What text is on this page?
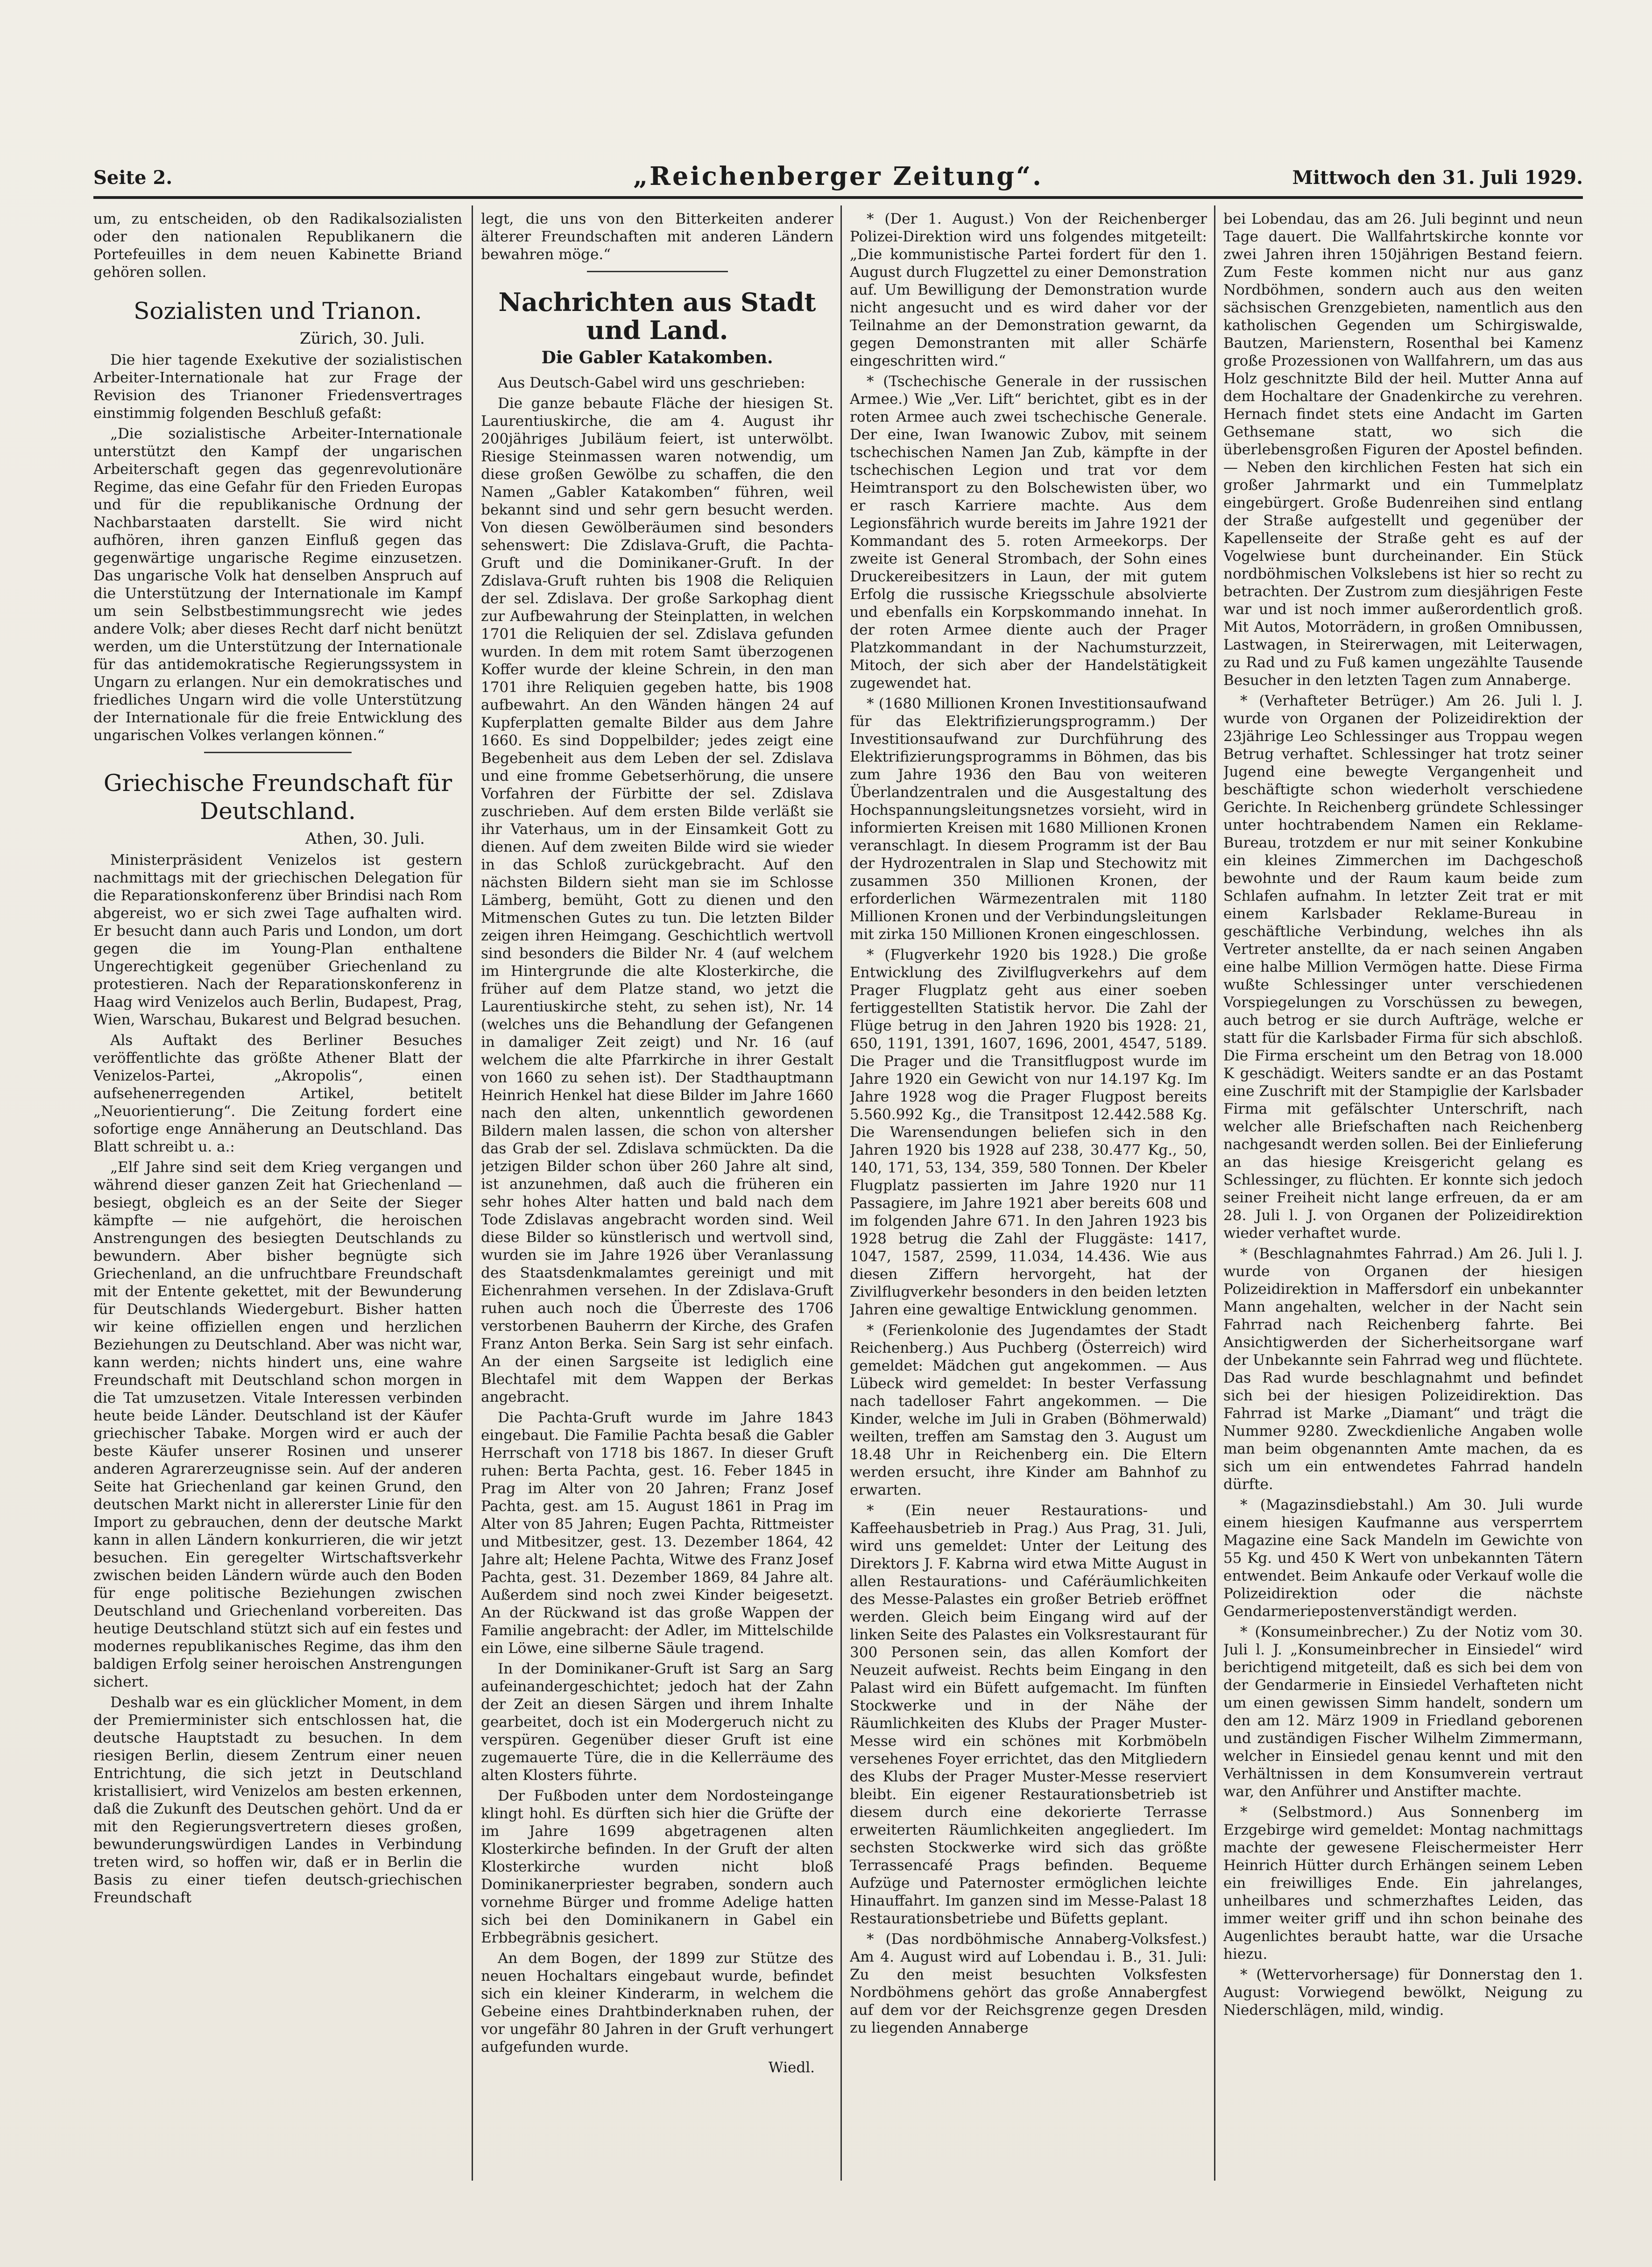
Seite 2.	„Reichenberger Zeitung“.	Mittwoch den 31. Juli 1929.

um, zu entscheiden, ob den Radikalsozialisten oder den nationalen Republikanern die Portefeuilles in dem neuen Kabinette Briand gehören sollen.

Sozialisten und Trianon.
Zürich, 30. Juli.

Die hier tagende Exekutive der sozialistischen Arbeiter-Internationale hat zur Frage der Revision des Trianoner Friedensvertrages einstimmig folgenden Beschluß gefaßt:

„Die sozialistische Arbeiter-Internationale unterstützt den Kampf der ungarischen Arbeiterschaft gegen das gegenrevolutionäre Regime, das eine Gefahr für den Frieden Europas und für die republikanische Ordnung der Nachbarstaaten darstellt. Sie wird nicht aufhören, ihren ganzen Einfluß gegen das gegenwärtige ungarische Regime einzusetzen. Das ungarische Volk hat denselben Anspruch auf die Unterstützung der Internationale im Kampf um sein Selbstbestimmungsrecht wie jedes andere Volk; aber dieses Recht darf nicht benützt werden, um die Unterstützung der Internationale für das antidemokratische Regierungssystem in Ungarn zu erlangen. Nur ein demokratisches und friedliches Ungarn wird die volle Unterstützung der Internationale für die freie Entwicklung des ungarischen Volkes verlangen können.“

Griechische Freundschaft für Deutschland.
Athen, 30. Juli.

Ministerpräsident Venizelos ist gestern nachmittags mit der griechischen Delegation für die Reparationskonferenz über Brindisi nach Rom abgereist, wo er sich zwei Tage aufhalten wird. Er besucht dann auch Paris und London, um dort gegen die im Young-Plan enthaltene Ungerechtigkeit gegenüber Griechenland zu protestieren. Nach der Reparationskonferenz in Haag wird Venizelos auch Berlin, Budapest, Prag, Wien, Warschau, Bukarest und Belgrad besuchen.

Als Auftakt des Berliner Besuches veröffentlichte das größte Athener Blatt der Venizelos-Partei, „Akropolis“, einen aufsehenerregenden Artikel, betitelt „Neuorientierung“. Die Zeitung fordert eine sofortige enge Annäherung an Deutschland. Das Blatt schreibt u. a.:

„Elf Jahre sind seit dem Krieg vergangen und während dieser ganzen Zeit hat Griechenland — besiegt, obgleich es an der Seite der Sieger kämpfte — nie aufgehört, die heroischen Anstrengungen des besiegten Deutschlands zu bewundern. Aber bisher begnügte sich Griechenland, an die unfruchtbare Freundschaft mit der Entente gekettet, mit der Bewunderung für Deutschlands Wiedergeburt. Bisher hatten wir keine offiziellen engen und herzlichen Beziehungen zu Deutschland. Aber was nicht war, kann werden; nichts hindert uns, eine wahre Freundschaft mit Deutschland schon morgen in die Tat umzusetzen. Vitale Interessen verbinden heute beide Länder. Deutschland ist der Käufer griechischer Tabake. Morgen wird er auch der beste Käufer unserer Rosinen und unserer anderen Agrarerzeugnisse sein. Auf der anderen Seite hat Griechenland gar keinen Grund, den deutschen Markt nicht in allererster Linie für den Import zu gebrauchen, denn der deutsche Markt kann in allen Ländern konkurrieren, die wir jetzt besuchen. Ein geregelter Wirtschaftsverkehr zwischen beiden Ländern würde auch den Boden für enge politische Beziehungen zwischen Deutschland und Griechenland vorbereiten. Das heutige Deutschland stützt sich auf ein festes und modernes republikanisches Regime, das ihm den baldigen Erfolg seiner heroischen Anstrengungen sichert.

Deshalb war es ein glücklicher Moment, in dem der Premierminister sich entschlossen hat, die deutsche Hauptstadt zu besuchen. In dem riesigen Berlin, diesem Zentrum einer neuen Entrichtung, die sich jetzt in Deutschland kristallisiert, wird Venizelos am besten erkennen, daß die Zukunft des Deutschen gehört. Und da er mit den Regierungsvertretern dieses großen, bewunderungswürdigen Landes in Verbindung treten wird, so hoffen wir, daß er in Berlin die Basis zu einer tiefen deutsch-griechischen Freundschaft

legt, die uns von den Bitterkeiten anderer älterer Freundschaften mit anderen Ländern bewahren möge.“

Nachrichten aus Stadt und Land.
Die Gabler Katakomben.

Aus Deutsch-Gabel wird uns geschrieben:

Die ganze bebaute Fläche der hiesigen St. Laurentiuskirche, die am 4. August ihr 200jähriges Jubiläum feiert, ist unterwölbt. Riesige Steinmassen waren notwendig, um diese großen Gewölbe zu schaffen, die den Namen „Gabler Katakomben“ führen, weil bekannt sind und sehr gern besucht werden. Von diesen Gewölberäumen sind besonders sehenswert: Die Zdislava-Gruft, die Pachta-Gruft und die Dominikaner-Gruft. In der Zdislava-Gruft ruhten bis 1908 die Reliquien der sel. Zdislava. Der große Sarkophag dient zur Aufbewahrung der Steinplatten, in welchen 1701 die Reliquien der sel. Zdislava gefunden wurden. In dem mit rotem Samt überzogenen Koffer wurde der kleine Schrein, in den man 1701 ihre Reliquien gegeben hatte, bis 1908 aufbewahrt. An den Wänden hängen 24 auf Kupferplatten gemalte Bilder aus dem Jahre 1660. Es sind Doppelbilder; jedes zeigt eine Begebenheit aus dem Leben der sel. Zdislava und eine fromme Gebetserhörung, die unsere Vorfahren der Fürbitte der sel. Zdislava zuschrieben. Auf dem ersten Bilde verläßt sie ihr Vaterhaus, um in der Einsamkeit Gott zu dienen. Auf dem zweiten Bilde wird sie wieder in das Schloß zurückgebracht. Auf den nächsten Bildern sieht man sie im Schlosse Lämberg, bemüht, Gott zu dienen und den Mitmenschen Gutes zu tun. Die letzten Bilder zeigen ihren Heimgang. Geschichtlich wertvoll sind besonders die Bilder Nr. 4 (auf welchem im Hintergrunde die alte Klosterkirche, die früher auf dem Platze stand, wo jetzt die Laurentiuskirche steht, zu sehen ist), Nr. 14 (welches uns die Behandlung der Gefangenen in damaliger Zeit zeigt) und Nr. 16 (auf welchem die alte Pfarrkirche in ihrer Gestalt von 1660 zu sehen ist). Der Stadthauptmann Heinrich Henkel hat diese Bilder im Jahre 1660 nach den alten, unkenntlich gewordenen Bildern malen lassen, die schon von altersher das Grab der sel. Zdislava schmückten. Da die jetzigen Bilder schon über 260 Jahre alt sind, ist anzunehmen, daß auch die früheren ein sehr hohes Alter hatten und bald nach dem Tode Zdislavas angebracht worden sind. Weil diese Bilder so künstlerisch und wertvoll sind, wurden sie im Jahre 1926 über Veranlassung des Staatsdenkmalamtes gereinigt und mit Eichenrahmen versehen. In der Zdislava-Gruft ruhen auch noch die Überreste des 1706 verstorbenen Bauherrn der Kirche, des Grafen Franz Anton Berka. Sein Sarg ist sehr einfach. An der einen Sargseite ist lediglich eine Blechtafel mit dem Wappen der Berkas angebracht.

Die Pachta-Gruft wurde im Jahre 1843 eingebaut. Die Familie Pachta besaß die Gabler Herrschaft von 1718 bis 1867. In dieser Gruft ruhen: Berta Pachta, gest. 16. Feber 1845 in Prag im Alter von 20 Jahren; Franz Josef Pachta, gest. am 15. August 1861 in Prag im Alter von 85 Jahren; Eugen Pachta, Rittmeister und Mitbesitzer, gest. 13. Dezember 1864, 42 Jahre alt; Helene Pachta, Witwe des Franz Josef Pachta, gest. 31. Dezember 1869, 84 Jahre alt. Außerdem sind noch zwei Kinder beigesetzt. An der Rückwand ist das große Wappen der Familie angebracht: der Adler, im Mittelschilde ein Löwe, eine silberne Säule tragend.

In der Dominikaner-Gruft ist Sarg an Sarg aufeinandergeschichtet; jedoch hat der Zahn der Zeit an diesen Särgen und ihrem Inhalte gearbeitet, doch ist ein Modergeruch nicht zu verspüren. Gegenüber dieser Gruft ist eine zugemauerte Türe, die in die Kellerräume des alten Klosters führte.

Der Fußboden unter dem Nordosteingange klingt hohl. Es dürften sich hier die Grüfte der im Jahre 1699 abgetragenen alten Klosterkirche befinden. In der Gruft der alten Klosterkirche wurden nicht bloß Dominikanerpriester begraben, sondern auch vornehme Bürger und fromme Adelige hatten sich bei den Dominikanern in Gabel ein Erbbegräbnis gesichert.

An dem Bogen, der 1899 zur Stütze des neuen Hochaltars eingebaut wurde, befindet sich ein kleiner Kinderarm, in welchem die Gebeine eines Drahtbinderknaben ruhen, der vor ungefähr 80 Jahren in der Gruft verhungert aufgefunden wurde.

Wiedl.

* (Der 1. August.) Von der Reichenberger Polizei-Direktion wird uns folgendes mitgeteilt: „Die kommunistische Partei fordert für den 1. August durch Flugzettel zu einer Demonstration auf. Um Bewilligung der Demonstration wurde nicht angesucht und es wird daher vor der Teilnahme an der Demonstration gewarnt, da gegen Demonstranten mit aller Schärfe eingeschritten wird.“

* (Tschechische Generale in der russischen Armee.) Wie „Ver. Lift“ berichtet, gibt es in der roten Armee auch zwei tschechische Generale. Der eine, Iwan Iwanowic Zubov, mit seinem tschechischen Namen Jan Zub, kämpfte in der tschechischen Legion und trat vor dem Heimtransport zu den Bolschewisten über, wo er rasch Karriere machte. Aus dem Legionsfährich wurde bereits im Jahre 1921 der Kommandant des 5. roten Armeekorps. Der zweite ist General Strombach, der Sohn eines Druckereibesitzers in Laun, der mit gutem Erfolg die russische Kriegsschule absolvierte und ebenfalls ein Korpskommando innehat. In der roten Armee diente auch der Prager Platzkommandant in der Nachumsturzzeit, Mitoch, der sich aber der Handelstätigkeit zugewendet hat.

* (1680 Millionen Kronen Investitionsaufwand für das Elektrifizierungsprogramm.) Der Investitionsaufwand zur Durchführung des Elektrifizierungsprogramms in Böhmen, das bis zum Jahre 1936 den Bau von weiteren Überlandzentralen und die Ausgestaltung des Hochspannungsleitungsnetzes vorsieht, wird in informierten Kreisen mit 1680 Millionen Kronen veranschlagt. In diesem Programm ist der Bau der Hydrozentralen in Slap und Stechowitz mit zusammen 350 Millionen Kronen, der erforderlichen Wärmezentralen mit 1180 Millionen Kronen und der Verbindungsleitungen mit zirka 150 Millionen Kronen eingeschlossen.

* (Flugverkehr 1920 bis 1928.) Die große Entwicklung des Zivilflugverkehrs auf dem Prager Flugplatz geht aus einer soeben fertiggestellten Statistik hervor. Die Zahl der Flüge betrug in den Jahren 1920 bis 1928: 21, 650, 1191, 1391, 1607, 1696, 2001, 4547, 5189. Die Prager und die Transitflugpost wurde im Jahre 1920 ein Gewicht von nur 14.197 Kg. Im Jahre 1928 wog die Prager Flugpost bereits 5.560.992 Kg., die Transitpost 12.442.588 Kg. Die Warensendungen beliefen sich in den Jahren 1920 bis 1928 auf 238, 30.477 Kg., 50, 140, 171, 53, 134, 359, 580 Tonnen. Der Kbeler Flugplatz passierten im Jahre 1920 nur 11 Passagiere, im Jahre 1921 aber bereits 608 und im folgenden Jahre 671. In den Jahren 1923 bis 1928 betrug die Zahl der Fluggäste: 1417, 1047, 1587, 2599, 11.034, 14.436. Wie aus diesen Ziffern hervorgeht, hat der Zivilflugverkehr besonders in den beiden letzten Jahren eine gewaltige Entwicklung genommen.

* (Ferienkolonie des Jugendamtes der Stadt Reichenberg.) Aus Puchberg (Österreich) wird gemeldet: Mädchen gut angekommen. — Aus Lübeck wird gemeldet: In bester Verfassung nach tadelloser Fahrt angekommen. — Die Kinder, welche im Juli in Graben (Böhmerwald) weilten, treffen am Samstag den 3. August um 18.48 Uhr in Reichenberg ein. Die Eltern werden ersucht, ihre Kinder am Bahnhof zu erwarten.

* (Ein neuer Restaurations- und Kaffeehausbetrieb in Prag.) Aus Prag, 31. Juli, wird uns gemeldet: Unter der Leitung des Direktors J. F. Kabrna wird etwa Mitte August in allen Restaurations- und Caféräumlichkeiten des Messe-Palastes ein großer Betrieb eröffnet werden. Gleich beim Eingang wird auf der linken Seite des Palastes ein Volksrestaurant für 300 Personen sein, das allen Komfort der Neuzeit aufweist. Rechts beim Eingang in den Palast wird ein Büfett aufgemacht. Im fünften Stockwerke und in der Nähe der Räumlichkeiten des Klubs der Prager Muster-Messe wird ein schönes mit Korbmöbeln versehenes Foyer errichtet, das den Mitgliedern des Klubs der Prager Muster-Messe reserviert bleibt. Ein eigener Restaurationsbetrieb ist diesem durch eine dekorierte Terrasse erweiterten Räumlichkeiten angegliedert. Im sechsten Stockwerke wird sich das größte Terrassencafé Prags befinden. Bequeme Aufzüge und Paternoster ermöglichen leichte Hinauffahrt. Im ganzen sind im Messe-Palast 18 Restaurationsbetriebe und Büfetts geplant.

* (Das nordböhmische Annaberg-Volksfest.) Am 4. August wird auf Lobendau i. B., 31. Juli: Zu den meist besuchten Volksfesten Nordböhmens gehört das große Annabergfest auf dem vor der Reichsgrenze gegen Dresden zu liegenden Annaberge

bei Lobendau, das am 26. Juli beginnt und neun Tage dauert. Die Wallfahrtskirche konnte vor zwei Jahren ihren 150jährigen Bestand feiern. Zum Feste kommen nicht nur aus ganz Nordböhmen, sondern auch aus den weiten sächsischen Grenzgebieten, namentlich aus den katholischen Gegenden um Schirgiswalde, Bautzen, Marienstern, Rosenthal bei Kamenz große Prozessionen von Wallfahrern, um das aus Holz geschnitzte Bild der heil. Mutter Anna auf dem Hochaltare der Gnadenkirche zu verehren. Hernach findet stets eine Andacht im Garten Gethsemane statt, wo sich die überlebensgroßen Figuren der Apostel befinden. — Neben den kirchlichen Festen hat sich ein großer Jahrmarkt und ein Tummelplatz eingebürgert. Große Budenreihen sind entlang der Straße aufgestellt und gegenüber der Kapellenseite der Straße geht es auf der Vogelwiese bunt durcheinander. Ein Stück nordböhmischen Volkslebens ist hier so recht zu betrachten. Der Zustrom zum diesjährigen Feste war und ist noch immer außerordentlich groß. Mit Autos, Motorrädern, in großen Omnibussen, Lastwagen, in Steirerwagen, mit Leiterwagen, zu Rad und zu Fuß kamen ungezählte Tausende Besucher in den letzten Tagen zum Annaberge.

* (Verhafteter Betrüger.) Am 26. Juli l. J. wurde von Organen der Polizeidirektion der 23jährige Leo Schlessinger aus Troppau wegen Betrug verhaftet. Schlessinger hat trotz seiner Jugend eine bewegte Vergangenheit und beschäftigte schon wiederholt verschiedene Gerichte. In Reichenberg gründete Schlessinger unter hochtrabendem Namen ein Reklame-Bureau, trotzdem er nur mit seiner Konkubine ein kleines Zimmerchen im Dachgeschoß bewohnte und der Raum kaum beide zum Schlafen aufnahm. In letzter Zeit trat er mit einem Karlsbader Reklame-Bureau in geschäftliche Verbindung, welches ihn als Vertreter anstellte, da er nach seinen Angaben eine halbe Million Vermögen hatte. Diese Firma wußte Schlessinger unter verschiedenen Vorspiegelungen zu Vorschüssen zu bewegen, auch betrog er sie durch Aufträge, welche er statt für die Karlsbader Firma für sich abschloß. Die Firma erscheint um den Betrag von 18.000 K geschädigt. Weiters sandte er an das Postamt eine Zuschrift mit der Stampiglie der Karlsbader Firma mit gefälschter Unterschrift, nach welcher alle Briefschaften nach Reichenberg nachgesandt werden sollen. Bei der Einlieferung an das hiesige Kreisgericht gelang es Schlessinger, zu flüchten. Er konnte sich jedoch seiner Freiheit nicht lange erfreuen, da er am 28. Juli l. J. von Organen der Polizeidirektion wieder verhaftet wurde.

* (Beschlagnahmtes Fahrrad.) Am 26. Juli l. J. wurde von Organen der hiesigen Polizeidirektion in Maffersdorf ein unbekannter Mann angehalten, welcher in der Nacht sein Fahrrad nach Reichenberg fahrte. Bei Ansichtigwerden der Sicherheitsorgane warf der Unbekannte sein Fahrrad weg und flüchtete. Das Rad wurde beschlagnahmt und befindet sich bei der hiesigen Polizeidirektion. Das Fahrrad ist Marke „Diamant“ und trägt die Nummer 9280. Zweckdienliche Angaben wolle man beim obgenannten Amte machen, da es sich um ein entwendetes Fahrrad handeln dürfte.

* (Magazinsdiebstahl.) Am 30. Juli wurde einem hiesigen Kaufmanne aus versperrtem Magazine eine Sack Mandeln im Gewichte von 55 Kg. und 450 K Wert von unbekannten Tätern entwendet. Beim Ankaufe oder Verkauf wolle die Polizeidirektion oder die nächste Gendarmeriepostenverständigt werden.

* (Konsumeinbrecher.) Zu der Notiz vom 30. Juli l. J. „Konsumeinbrecher in Einsiedel“ wird berichtigend mitgeteilt, daß es sich bei dem von der Gendarmerie in Einsiedel Verhafteten nicht um einen gewissen Simm handelt, sondern um den am 12. März 1909 in Friedland geborenen und zuständigen Fischer Wilhelm Zimmermann, welcher in Einsiedel genau kennt und mit den Verhältnissen in dem Konsumverein vertraut war, den Anführer und Anstifter machte.

* (Selbstmord.) Aus Sonnenberg im Erzgebirge wird gemeldet: Montag nachmittags machte der gewesene Fleischermeister Herr Heinrich Hütter durch Erhängen seinem Leben ein freiwilliges Ende. Ein jahrelanges, unheilbares und schmerzhaftes Leiden, das immer weiter griff und ihn schon beinahe des Augenlichtes beraubt hatte, war die Ursache hiezu.

* (Wettervorhersage) für Donnerstag den 1. August: Vorwiegend bewölkt, Neigung zu Niederschlägen, mild, windig.
